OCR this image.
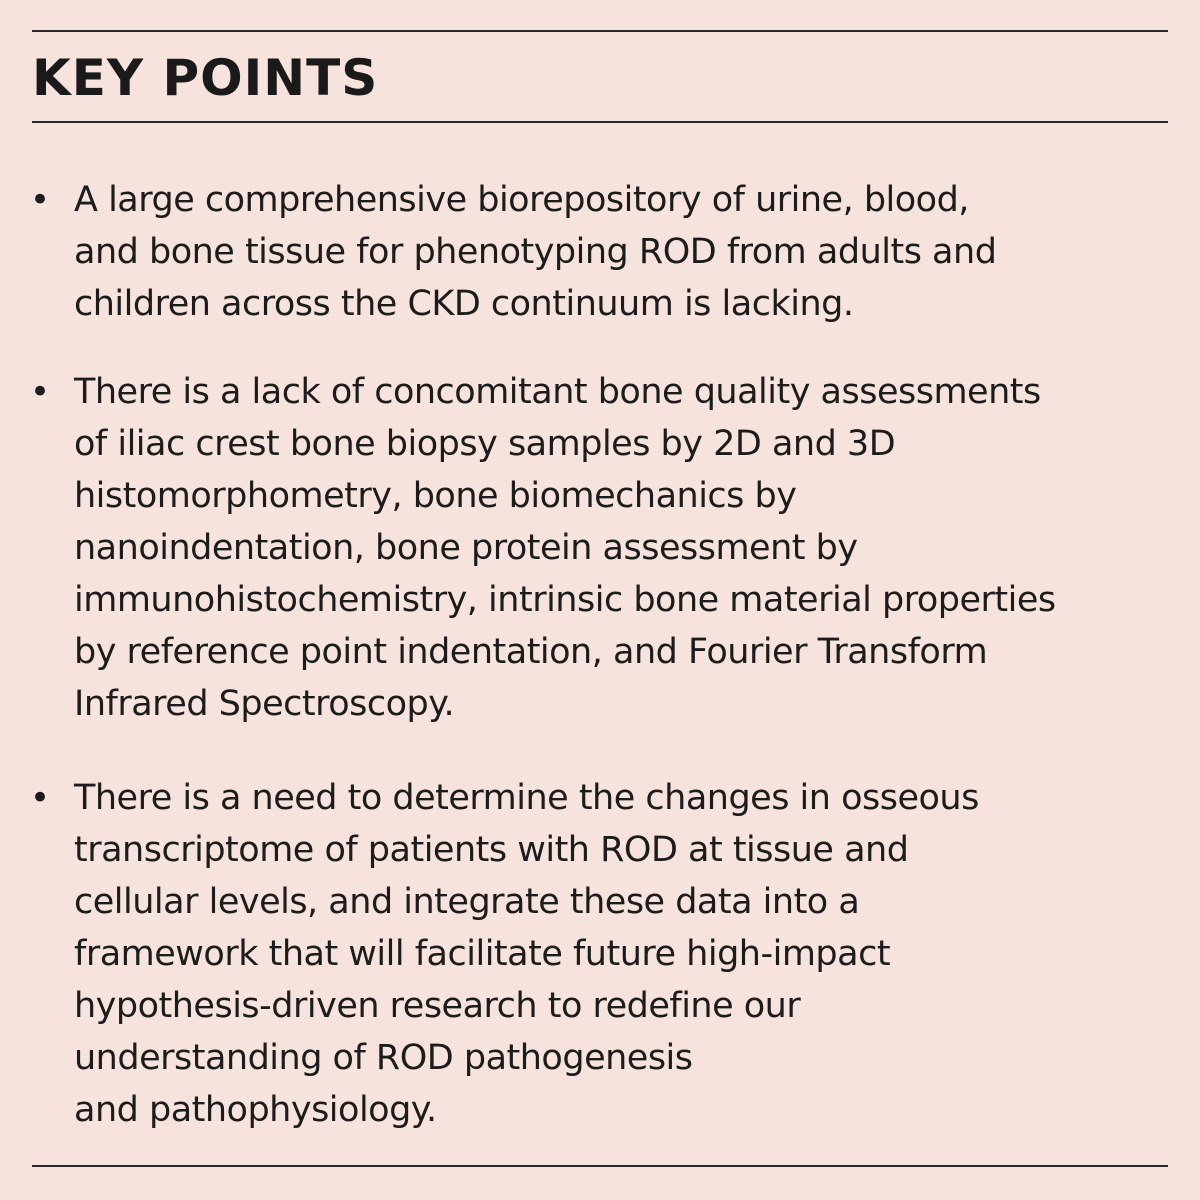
KEY POINTS
• A large comprehensive biorepository of urine, blood,
and bone tissue for phenotyping ROD from adults and
children across the CKD continuum is lacking.
• There is a lack of concomitant bone quality assessments
of iliac crest bone biopsy samples by 2D and 3D
histomorphometry, bone biomechanics by
nanoindentation, bone protein assessment by
immunohistochemistry, intrinsic bone material properties
by reference point indentation, and Fourier Transform
Infrared Spectroscopy.
• There is a need to determine the changes in osseous
transcriptome of patients with ROD at tissue and
cellular levels, and integrate these data into a
framework that will facilitate future high-impact
hypothesis-driven research to redefine our
understanding of ROD pathogenesis
and pathophysiology.
